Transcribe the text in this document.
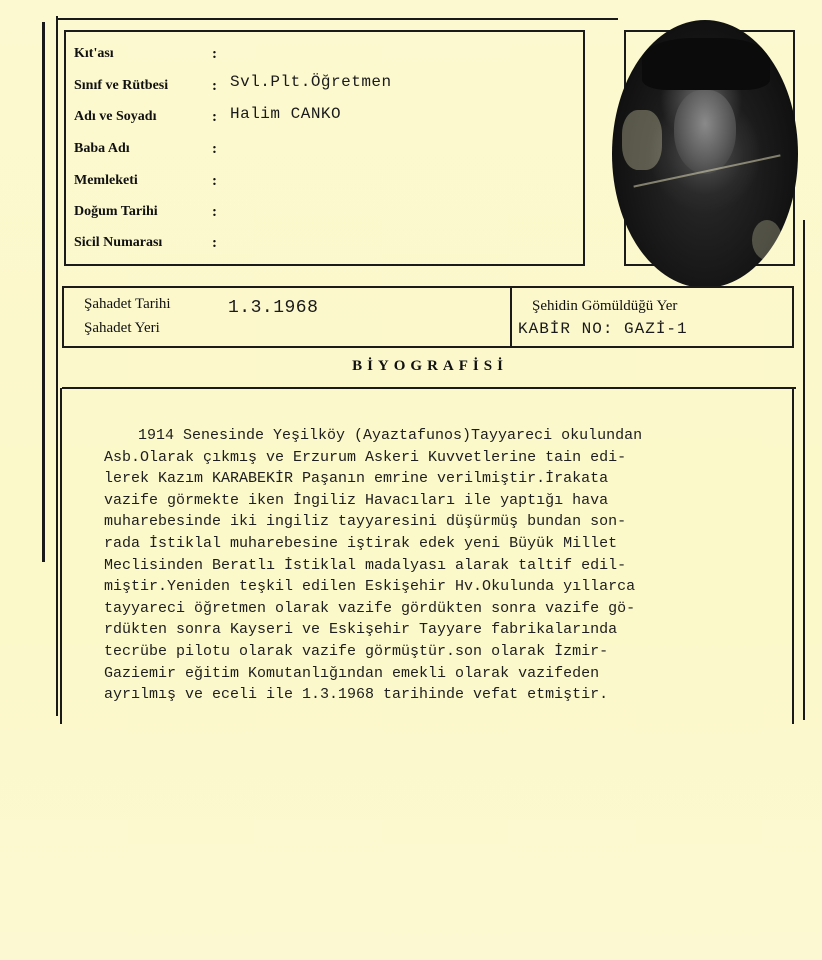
Kıt'ası	:
Sınıf ve Rütbesi	: Svl.Plt.Öğretmen
Adı ve Soyadı	: Halim CANKO
Baba Adı	:
Memleketi	:
Doğum Tarihi	:
Sicil Numarası	:
Şahadet Tarihi	1.3.1968
Şahadet Yeri
Şehidin Gömüldüğü Yer
KABİR NO: GAZİ-1
BİYOGRAFİSİ
1914 Senesinde Yeşilköy (Ayaztafunos)Tayyareci okulundan
Asb.Olarak çıkmış ve Erzurum Askeri Kuvvetlerine tain edi-
lerek Kazım KARABEKİR Paşanın emrine verilmiştir.İrakata
vazife görmekte iken İngiliz Havacıları ile yaptığı hava
muharebesinde iki ingiliz tayyaresini düşürmüş bundan son-
rada İstiklal muharebesine iştirak edek yeni Büyük Millet
Meclisinden Beratlı İstiklal madalyası alarak taltif edil-
miştir.Yeniden teşkil edilen Eskişehir Hv.Okulunda yıllarca
tayyareci öğretmen olarak vazife gördükten sonra vazife gö-
rdükten sonra Kayseri ve Eskişehir Tayyare fabrikalarında
tecrübe pilotu olarak vazife görmüştür.son olarak İzmir-
Gaziemir eğitim Komutanlığından emekli olarak vazifeden
ayrılmış ve eceli ile 1.3.1968 tarihinde vefat etmiştir.
